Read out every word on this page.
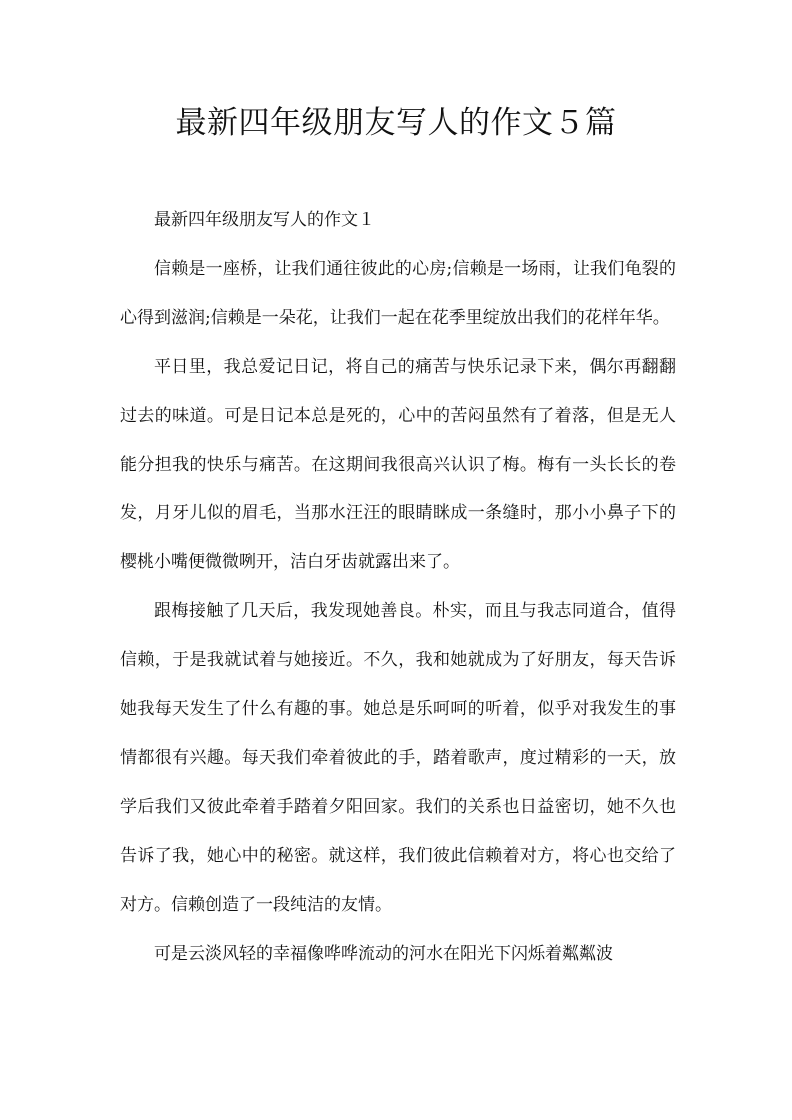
最新四年级朋友写人的作文５篇

最新四年级朋友写人的作文１

信赖是一座桥，让我们通往彼此的心房;信赖是一场雨，让我们龟裂的心得到滋润;信赖是一朵花，让我们一起在花季里绽放出我们的花样年华。

平日里，我总爱记日记，将自己的痛苦与快乐记录下来，偶尔再翻翻过去的味道。可是日记本总是死的，心中的苦闷虽然有了着落，但是无人能分担我的快乐与痛苦。在这期间我很高兴认识了梅。梅有一头长长的卷发，月牙儿似的眉毛，当那水汪汪的眼睛眯成一条缝时，那小小鼻子下的樱桃小嘴便微微咧开，洁白牙齿就露出来了。

跟梅接触了几天后，我发现她善良。朴实，而且与我志同道合，值得信赖，于是我就试着与她接近。不久，我和她就成为了好朋友，每天告诉她我每天发生了什么有趣的事。她总是乐呵呵的听着，似乎对我发生的事情都很有兴趣。每天我们牵着彼此的手，踏着歌声，度过精彩的一天，放学后我们又彼此牵着手踏着夕阳回家。我们的关系也日益密切，她不久也告诉了我，她心中的秘密。就这样，我们彼此信赖着对方，将心也交给了对方。信赖创造了一段纯洁的友情。

可是云淡风轻的幸福像哗哗流动的河水在阳光下闪烁着粼粼波
